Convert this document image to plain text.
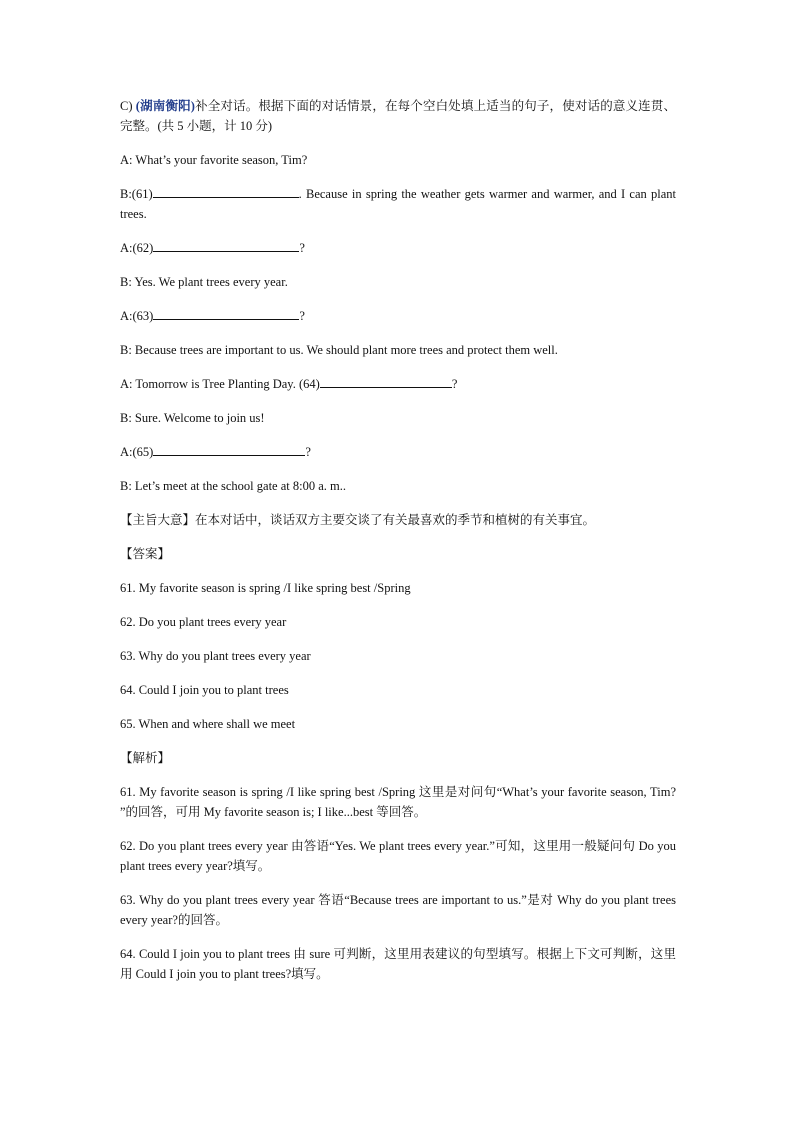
C) (湖南衡阳)补全对话。根据下面的对话情景，在每个空白处填上适当的句子，使对话的意义连贯、完整。(共 5 小题，计 10 分)

A: What’s your favorite season, Tim?

B:(61)	. Because in spring the weather gets warmer and warmer, and I can plant trees.

A:(62)	?

B: Yes. We plant trees every year.

A:(63)	?

B: Because trees are important to us. We should plant more trees and protect them well.

A: Tomorrow is Tree Planting Day. (64)	?

B: Sure. Welcome to join us!

A:(65)	?

B: Let’s meet at the school gate at 8:00 a. m..

【主旨大意】在本对话中，谈话双方主要交谈了有关最喜欢的季节和植树的有关事宜。

【答案】

61. My favorite season is spring /I like spring best /Spring

62. Do you plant trees every year

63. Why do you plant trees every year

64. Could I join you to plant trees

65. When and where shall we meet

【解析】

61. My favorite season is spring /I like spring best /Spring 这里是对问句“What’s your favorite season, Tim? ”的回答，可用 My favorite season is; I like...best 等回答。

62. Do you plant trees every year 由答语“Yes. We plant trees every year.”可知，这里用一般疑问句 Do you plant trees every year?填写。

63. Why do you plant trees every year 答语“Because trees are important to us.”是对 Why do you plant trees every year?的回答。

64. Could I join you to plant trees 由 sure 可判断，这里用表建议的句型填写。根据上下文可判断，这里用 Could I join you to plant trees?填写。
